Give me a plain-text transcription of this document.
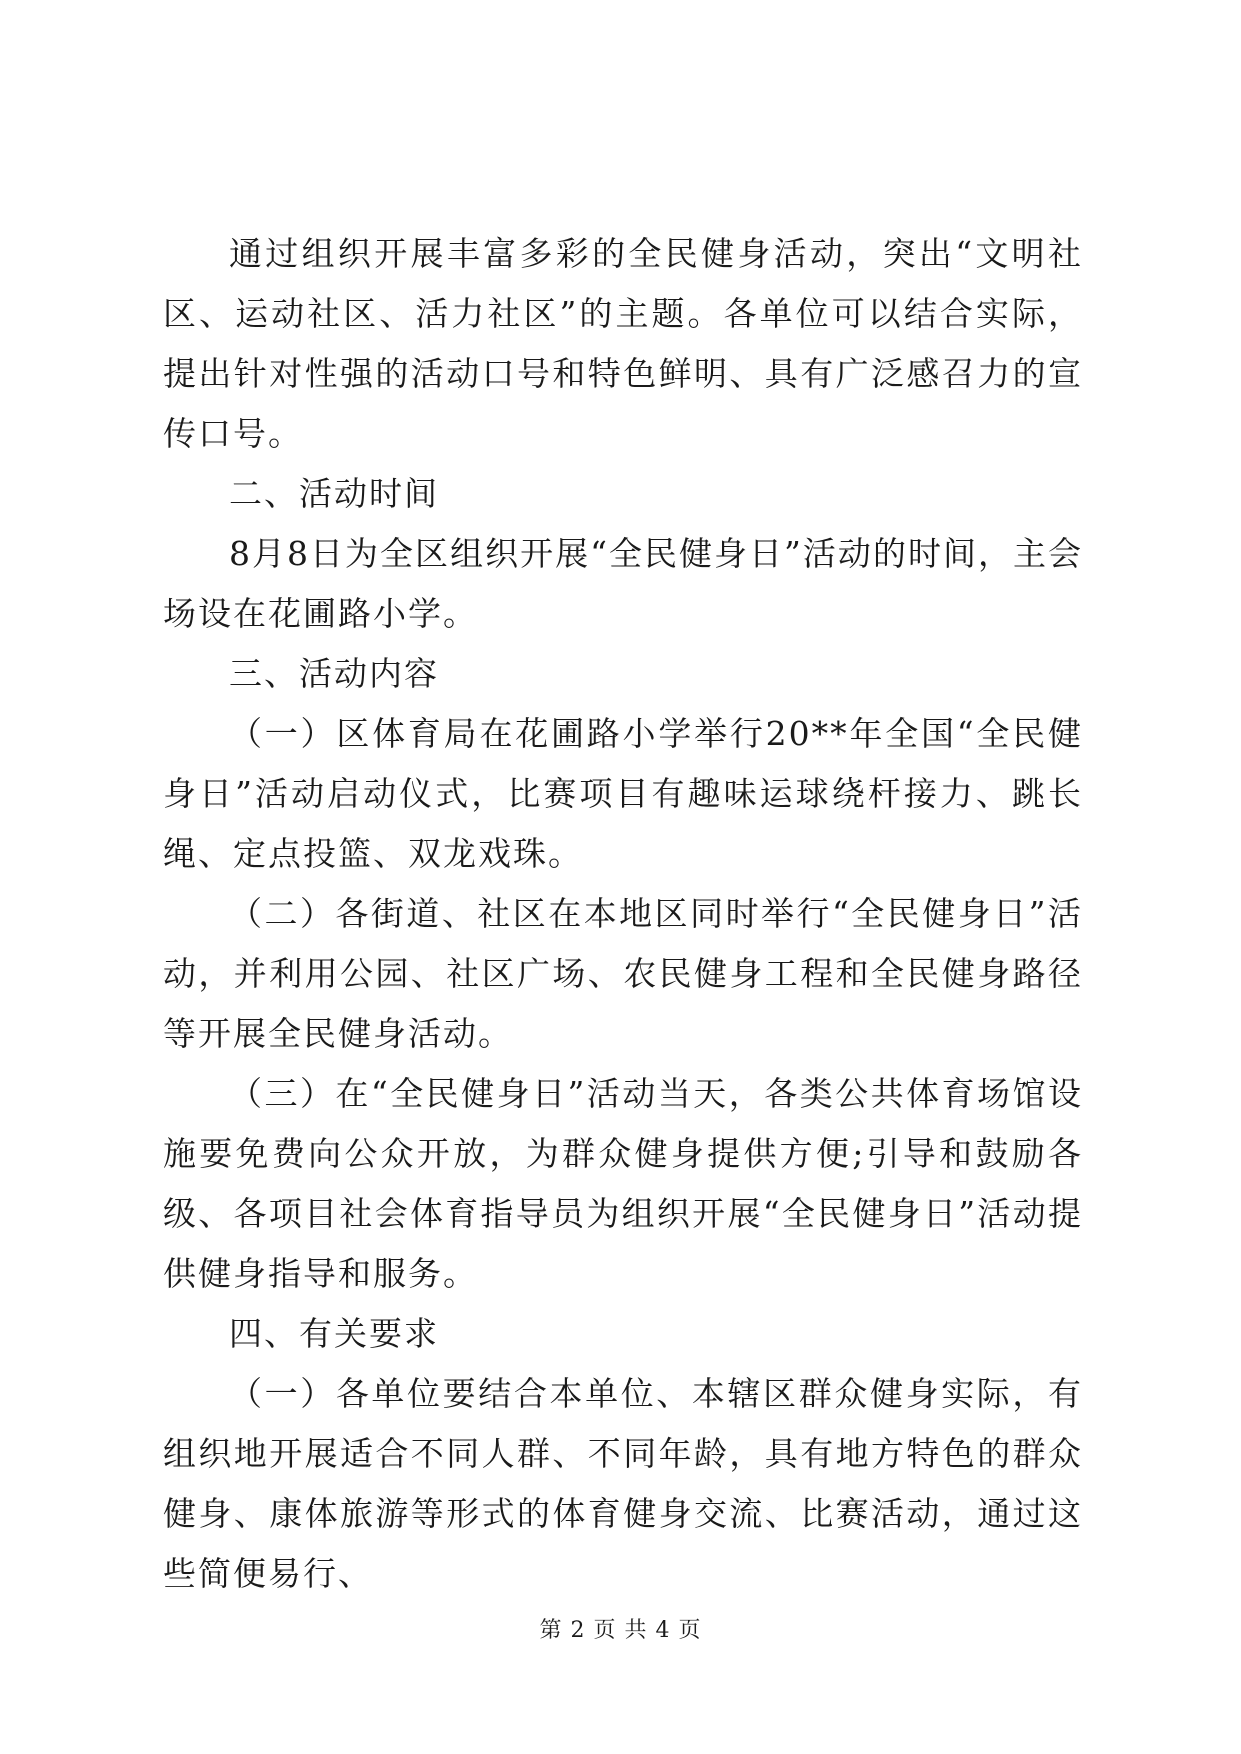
通过组织开展丰富多彩的全民健身活动，突出“文明社区、运动社区、活力社区”的主题。各单位可以结合实际，提出针对性强的活动口号和特色鲜明、具有广泛感召力的宣传口号。

二、活动时间

8月8日为全区组织开展“全民健身日”活动的时间，主会场设在花圃路小学。

三、活动内容

（一）区体育局在花圃路小学举行20**年全国“全民健身日”活动启动仪式，比赛项目有趣味运球绕杆接力、跳长绳、定点投篮、双龙戏珠。

（二）各街道、社区在本地区同时举行“全民健身日”活动，并利用公园、社区广场、农民健身工程和全民健身路径等开展全民健身活动。

（三）在“全民健身日”活动当天，各类公共体育场馆设施要免费向公众开放，为群众健身提供方便;引导和鼓励各级、各项目社会体育指导员为组织开展“全民健身日”活动提供健身指导和服务。

四、有关要求

（一）各单位要结合本单位、本辖区群众健身实际，有组织地开展适合不同人群、不同年龄，具有地方特色的群众健身、康体旅游等形式的体育健身交流、比赛活动，通过这些简便易行、

第 2 页 共 4 页
